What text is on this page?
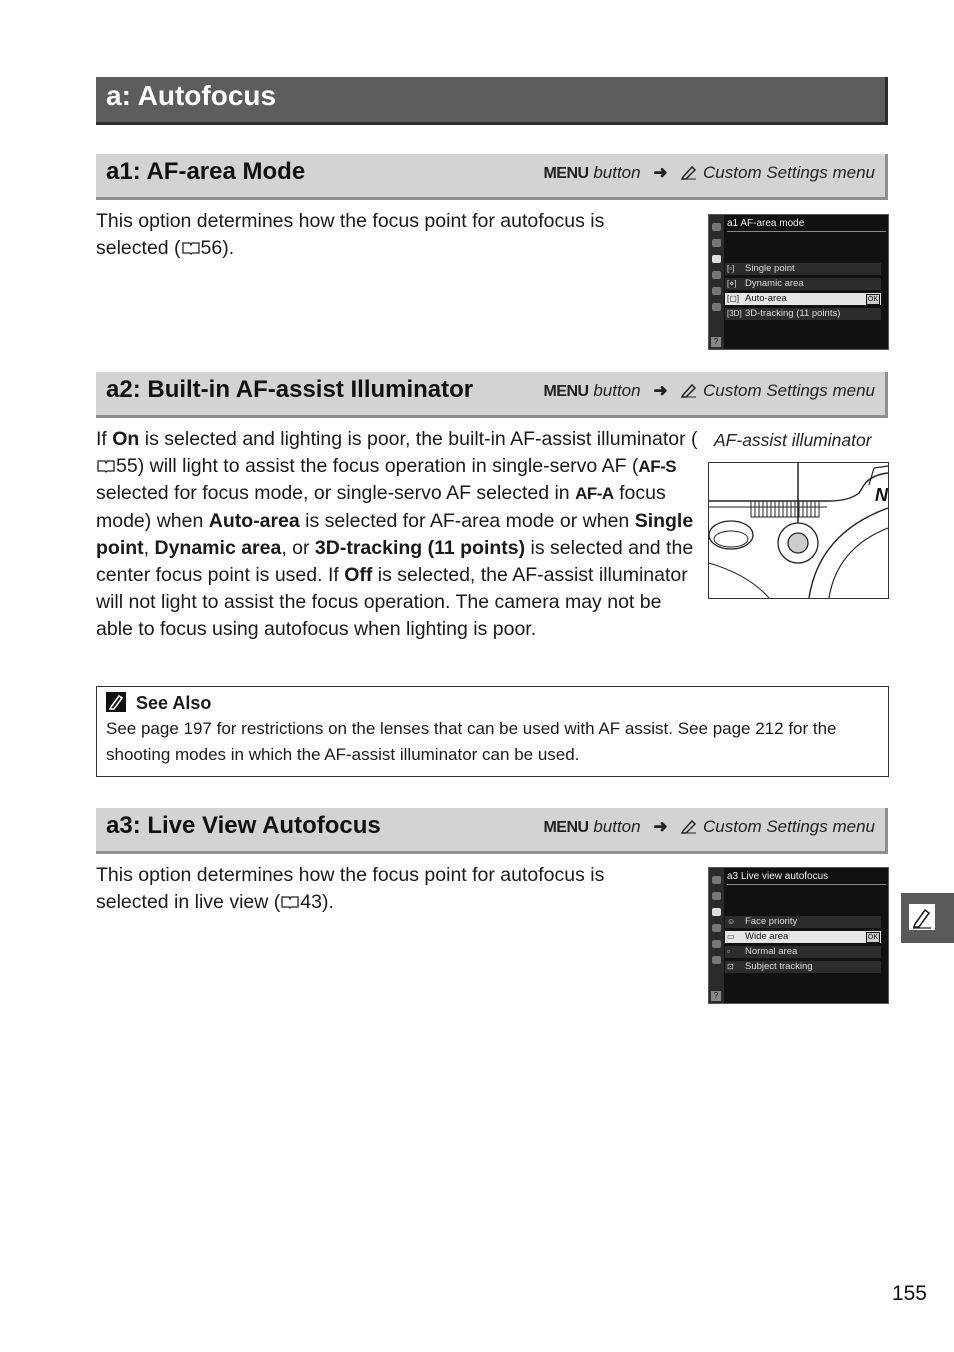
a: Autofocus
a1: AF-area Mode	MENU button ➜ Custom Settings menu
This option determines how the focus point for autofocus is selected ( 56).
a1 AF-area mode
[▫] Single point
[⋄] Dynamic area
[▢] Auto-area	OK
[3D] 3D-tracking (11 points)
?
a2: Built-in AF-assist Illuminator	MENU button ➜ Custom Settings menu
If On is selected and lighting is poor, the built-in AF-assist illuminator (55) will light to assist the focus operation in single-servo AF (AF-S selected for focus mode, or single-servo AF selected in AF-A focus mode) when Auto-area is selected for AF-area mode or when Single point, Dynamic area, or 3D-tracking (11 points) is selected and the center focus point is used. If Off is selected, the AF-assist illuminator will not light to assist the focus operation. The camera may not be able to focus using autofocus when lighting is poor.
AF-assist illuminator
N
See Also
See page 197 for restrictions on the lenses that can be used with AF assist. See page 212 for the shooting modes in which the AF-assist illuminator can be used.
a3: Live View Autofocus	MENU button ➜ Custom Settings menu
This option determines how the focus point for autofocus is selected in live view ( 43).
a3 Live view autofocus
☺ Face priority
▭ Wide area	OK
▫ Normal area
⊡ Subject tracking
?
155
